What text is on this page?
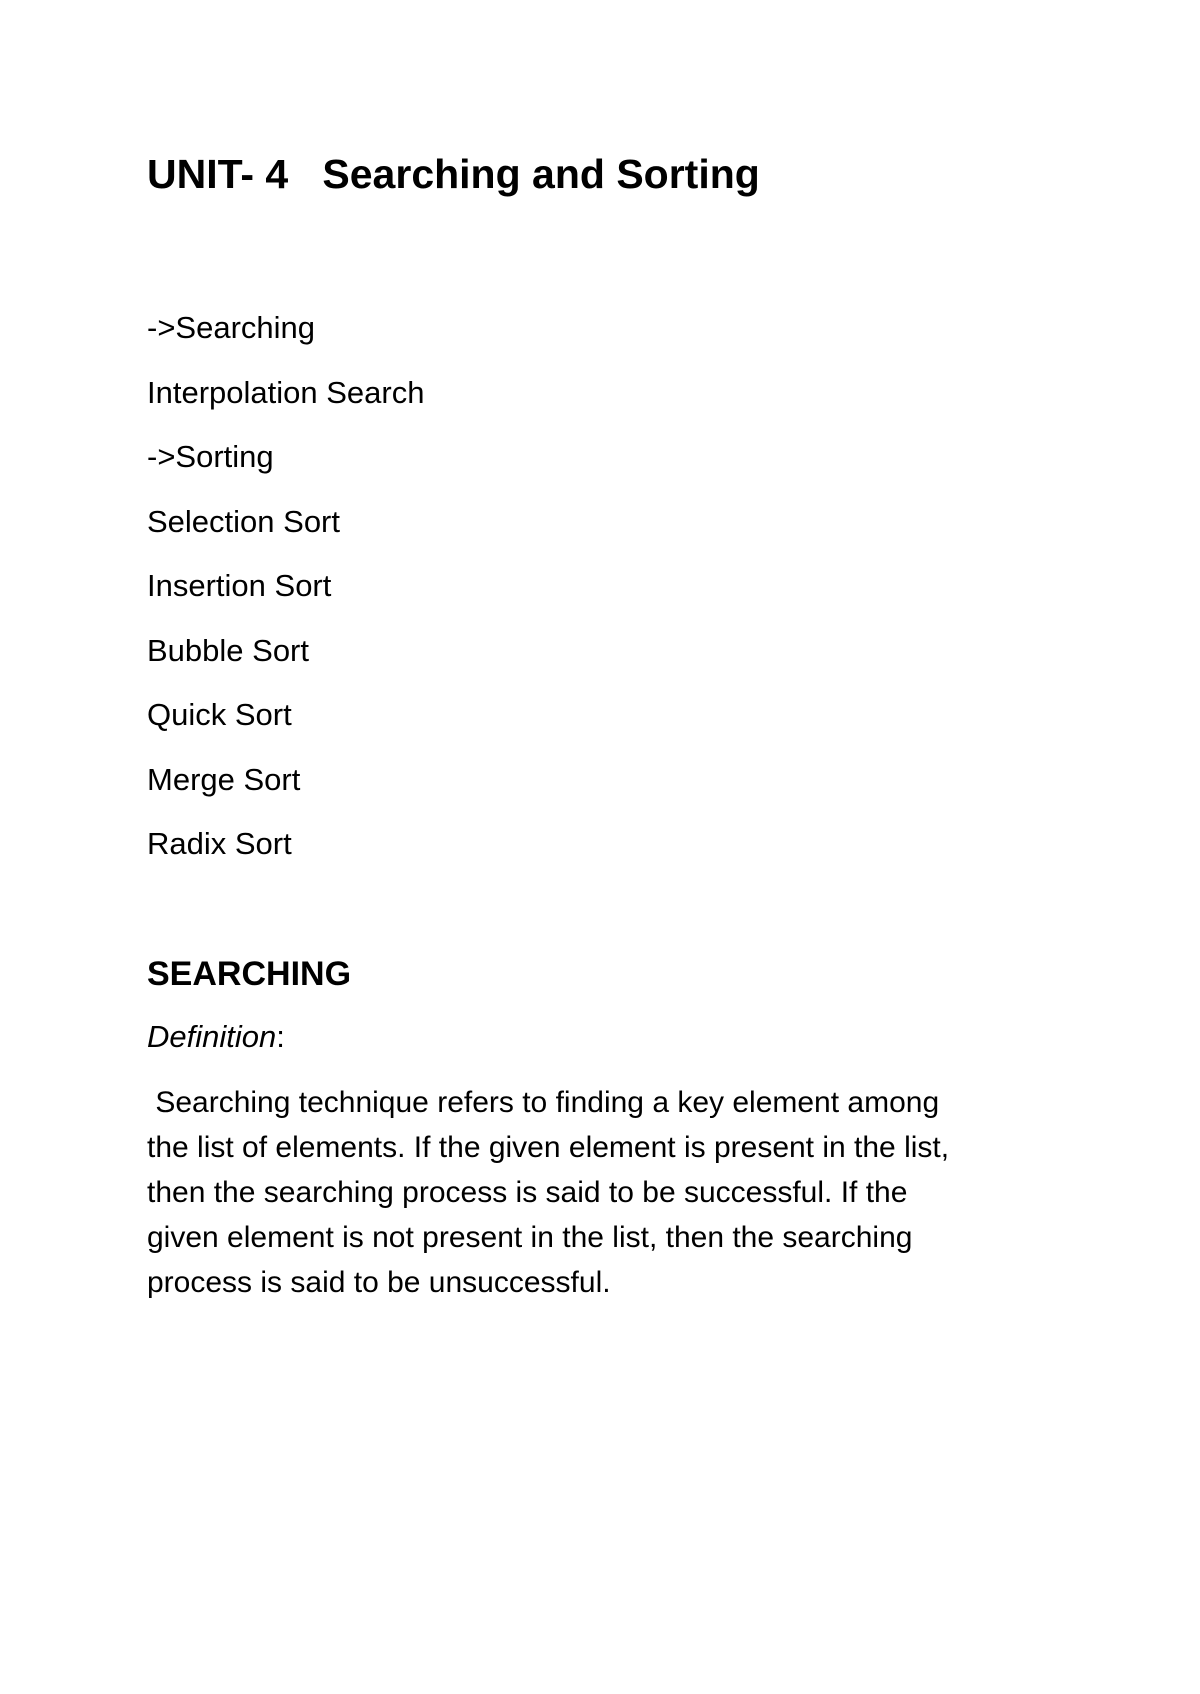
UNIT- 4   Searching and Sorting
->Searching
Interpolation Search
->Sorting
Selection Sort
Insertion Sort
Bubble Sort
Quick Sort
Merge Sort
Radix Sort
SEARCHING

Definition:

Searching technique refers to finding a key element among
the list of elements. If the given element is present in the list,
then the searching process is said to be successful. If the
given element is not present in the list, then the searching
process is said to be unsuccessful.
